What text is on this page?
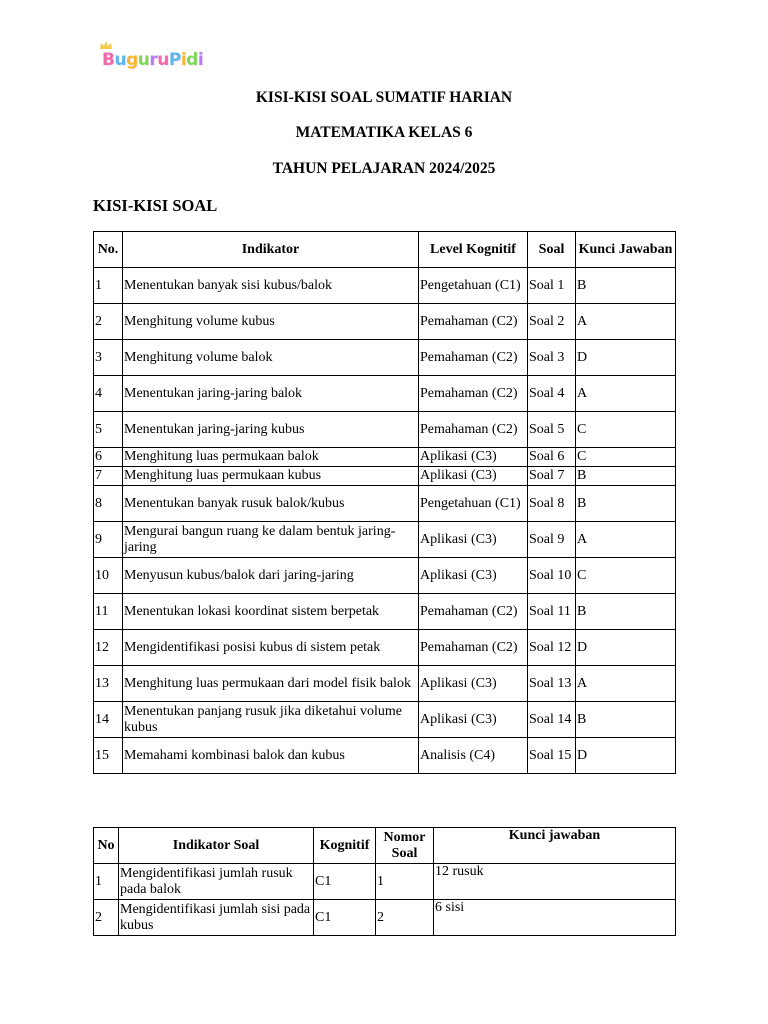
BuguruPidi
KISI-KISI SOAL SUMATIF HARIAN
MATEMATIKA KELAS 6
TAHUN PELAJARAN 2024/2025
KISI-KISI SOAL
No.	Indikator	Level Kognitif	Soal	Kunci Jawaban
1	Menentukan banyak sisi kubus/balok	Pengetahuan (C1)	Soal 1	B
2	Menghitung volume kubus	Pemahaman (C2)	Soal 2	A
3	Menghitung volume balok	Pemahaman (C2)	Soal 3	D
4	Menentukan jaring-jaring balok	Pemahaman (C2)	Soal 4	A
5	Menentukan jaring-jaring kubus	Pemahaman (C2)	Soal 5	C
6	Menghitung luas permukaan balok	Aplikasi (C3)	Soal 6	C
7	Menghitung luas permukaan kubus	Aplikasi (C3)	Soal 7	B
8	Menentukan banyak rusuk balok/kubus	Pengetahuan (C1)	Soal 8	B
9	Mengurai bangun ruang ke dalam bentuk jaring-jaring	Aplikasi (C3)	Soal 9	A
10	Menyusun kubus/balok dari jaring-jaring	Aplikasi (C3)	Soal 10	C
11	Menentukan lokasi koordinat sistem berpetak	Pemahaman (C2)	Soal 11	B
12	Mengidentifikasi posisi kubus di sistem petak	Pemahaman (C2)	Soal 12	D
13	Menghitung luas permukaan dari model fisik balok	Aplikasi (C3)	Soal 13	A
14	Menentukan panjang rusuk jika diketahui volume kubus	Aplikasi (C3)	Soal 14	B
15	Memahami kombinasi balok dan kubus	Analisis (C4)	Soal 15	D
No	Indikator Soal	Kognitif	Nomor Soal	Kunci jawaban
1	Mengidentifikasi jumlah rusuk pada balok	C1	1	12 rusuk
2	Mengidentifikasi jumlah sisi pada kubus	C1	2	6 sisi
